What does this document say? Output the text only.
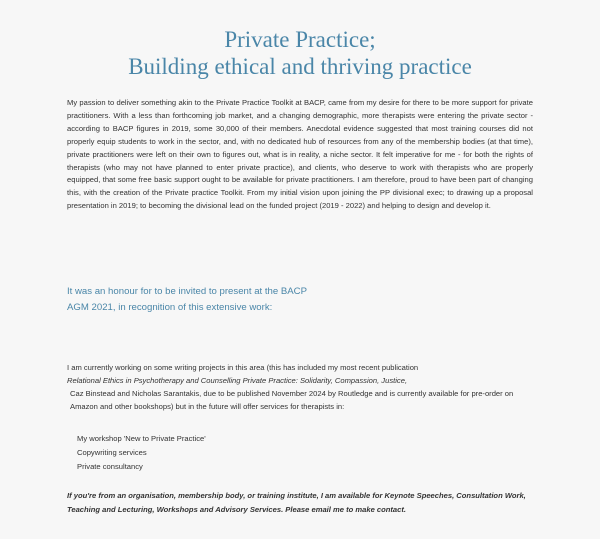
Private Practice;
Building ethical and thriving practice

My passion to deliver something akin to the Private Practice Toolkit at BACP, came from my desire for there to be more support for private practitioners. With a less than forthcoming job market, and a changing demographic, more therapists were entering the private sector - according to BACP figures in 2019, some 30,000 of their members. Anecdotal evidence suggested that most training courses did not properly equip students to work in the sector, and, with no dedicated hub of resources from any of the membership bodies (at that time), private practitioners were left on their own to figures out, what is in reality, a niche sector. It felt imperative for me - for both the rights of therapists (who may not have planned to enter private practice), and clients, who deserve to work with therapists who are properly equipped, that some free basic support ought to be available for private practitioners. I am therefore, proud to have been part of changing this, with the creation of the Private practice Toolkit. From my initial vision upon joining the PP divisional exec; to drawing up a proposal presentation in 2019; to becoming the divisional lead on the funded project (2019 - 2022) and helping to design and develop it.

It was an honour for to be invited to present at the BACP
AGM 2021, in recognition of this extensive work:

I am currently working on some writing projects in this area (this has included my most recent publication
Relational Ethics in Psychotherapy and Counselling Private Practice: Solidarity, Compassion, Justice,
Caz Binstead and Nicholas Sarantakis, due to be published November 2024 by Routledge and is currently available for pre-order on Amazon and other bookshops) but in the future will offer services for therapists in:

My workshop 'New to Private Practice'
Copywriting services
Private consultancy

If you're from an organisation, membership body, or training institute, I am available for Keynote Speeches, Consultation Work, Teaching and Lecturing, Workshops and Advisory Services. Please email me to make contact.
